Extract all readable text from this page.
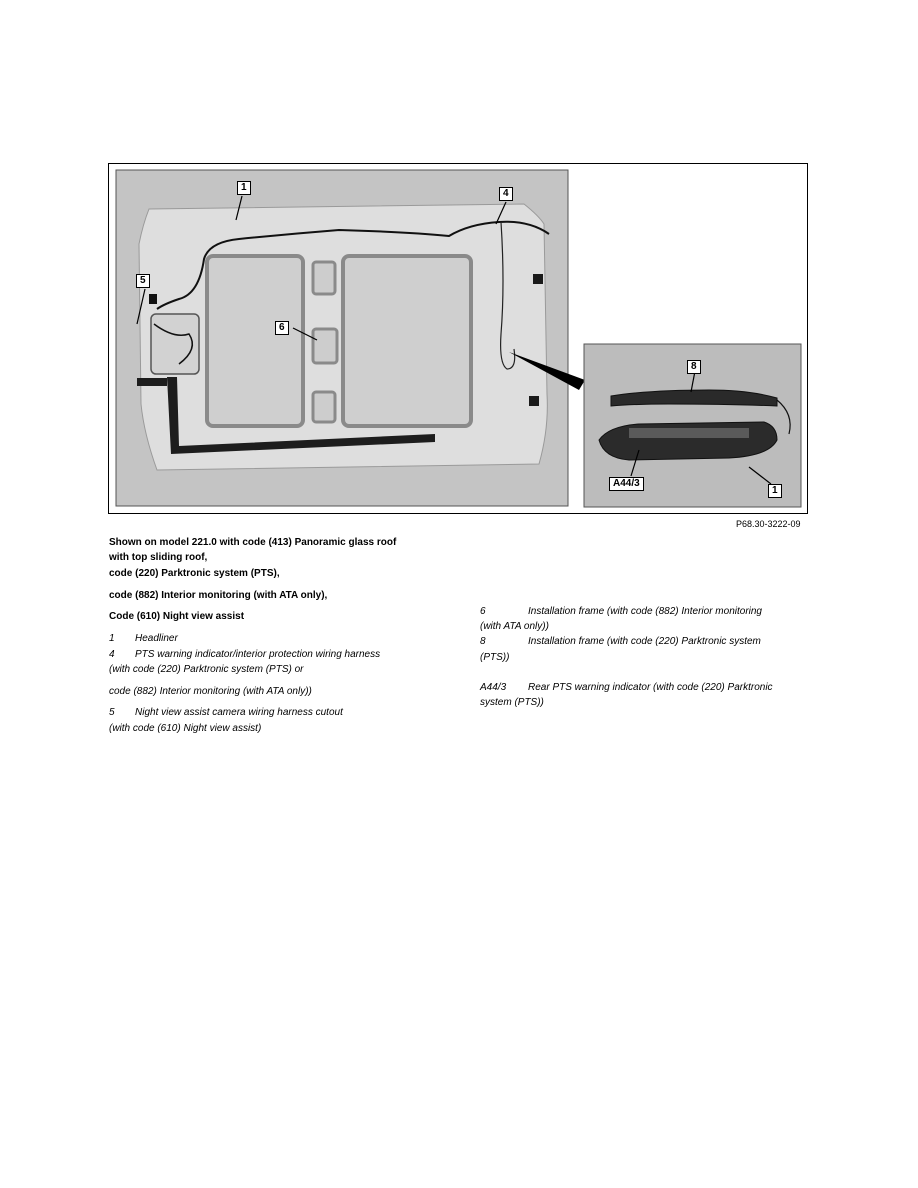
1
4
5
6
8
A44/3
1
P68.30-3222-09
Shown on model 221.0 with code (413) Panoramic glass roof
with top sliding roof,
code (220) Parktronic system (PTS),
code (882) Interior monitoring (with ATA only),
Code (610) Night view assist
1 Headliner
4 PTS warning indicator/interior protection wiring harness
(with code (220) Parktronic system (PTS) or
code (882) Interior monitoring (with ATA only))
5 Night view assist camera wiring harness cutout
(with code (610) Night view assist)
6	Installation frame (with code (882) Interior monitoring
(with ATA only))
8	Installation frame (with code (220) Parktronic system
(PTS))
A44/3 Rear PTS warning indicator (with code (220) Parktronic
system (PTS))
